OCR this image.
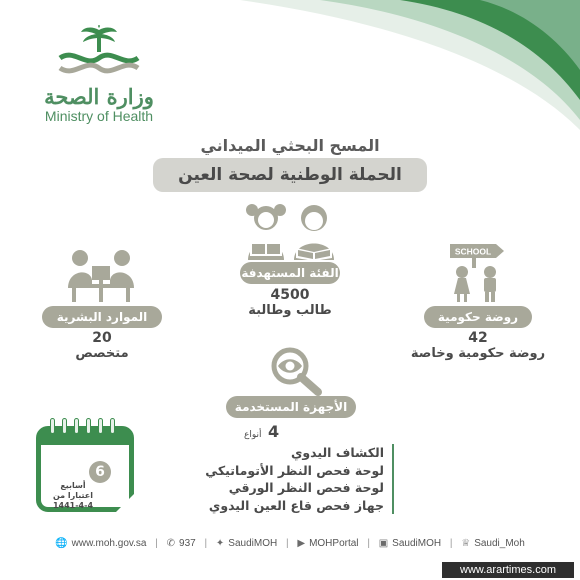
وزارة الصحة
Ministry of Health
المسح البحثي الميداني
الحملة الوطنية لصحة العين
الفئة المستهدفة
4500
طالب وطالبة
SCHOOL
روضة حكومية
42
روضة حكومية وخاصة
الموارد البشرية
20
متخصص
الأجهزة المستخدمة
4
أنواع
الكشاف اليدوي
لوحة فحص النظر الأتوماتيكي
لوحة فحص النظر الورقي
جهاز فحص قاع العين اليدوي
6
أسابيع
اعتبارا من
1441-4-4
🌐 www.moh.gov.sa | ✆ 937 | ✦ SaudiMOH | ▶ MOHPortal | ▣ SaudiMOH | ♕ Saudi_Moh
www.arartimes.com
